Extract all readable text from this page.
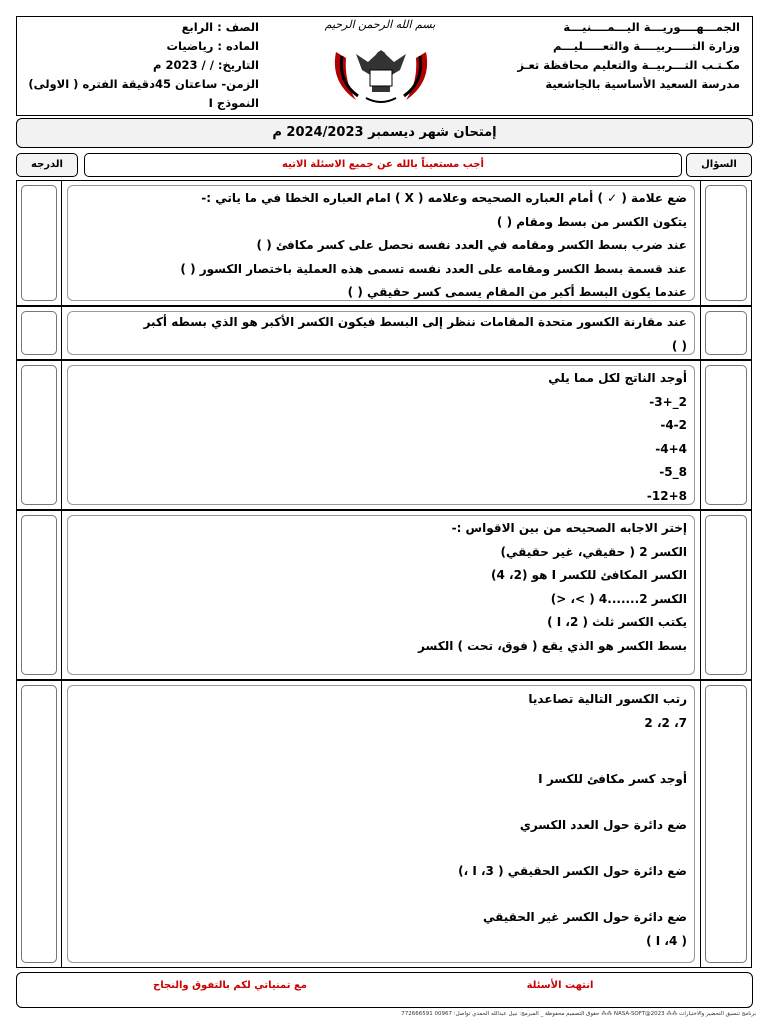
الجمـــهــــوريـــة اليـــمــــنيـــة
وزارة التـــــربيــــة والتعـــــليـــم
مكـتـب التـــربيــة والتعليم محافظة تعـز
مدرسة السعيد الأساسية بالجاشعية
بسم الله الرحمن الرحيم
الصف : الرابع
الماده : رياضيات
التاريخ: / / 2023 م
الزمن- ساعتان 45دقيقة الفتره ( الاولى)
النموذج I
إمتحان شهر ديسمبر 2024/2023 م
السؤال
أجب مستعيناً بالله عن جميع الاسئلة الاتيه
الدرجه
ضع علامة ( ✓ ) أمام العباره الصحيحه وعلامه ( X ) امام العباره الخطا في ما ياتي :-
يتكون الكسر من بسط ومقام ( )
عند ضرب بسط الكسر ومقامه في العدد نفسه نحصل على كسر مكافئ ( )
عند قسمة بسط الكسر ومقامه على العدد نفسه تسمى هذه العملية باختصار الكسور ( )
عندما يكون البسط أكبر من المقام يسمى كسر حقيقي ( )
عند مقارنة الكسور متحدة المقامات ننظر إلى البسط فيكون الكسر الأكبر هو الذي بسطه أكبر
( )
أوجد الناتج لكل مما يلي
2_+3-
4-2-
4+4-
8_5-
12+8-
إختر الاجابه الصحيحه من بين الاقواس :-
الكسر 2 ( حقيقي، غير حقيقي)
الكسر المكافئ للكسر I هو (2، 4)
الكسر 2.......4 ( >، <)
يكتب الكسر ثلث ( 2، I )
بسط الكسر هو الذي يقع ( فوق، تحت ) الكسر
رتب الكسور التالية تصاعديا
7، 2، 2
أوجد كسر مكافئ للكسر I
ضع دائرة حول العدد الكسري
ضع دائرة حول الكسر الحقيقي ( 3، I ،)
ضع دائرة حول الكسر غير الحقيقي
( 4، I )
انتهت الأسئلة
مع تمنياتي لكم بالتفوق والنجاح
برنامج تنسيق التحضير والاختبارات ⁂⁂ NASA-SOFT@2023 ⁂⁂ حقوق التصميم محفوظة _ المبرمج: نبيل عبدالله الحمدي تواصل: 00967 772666591
